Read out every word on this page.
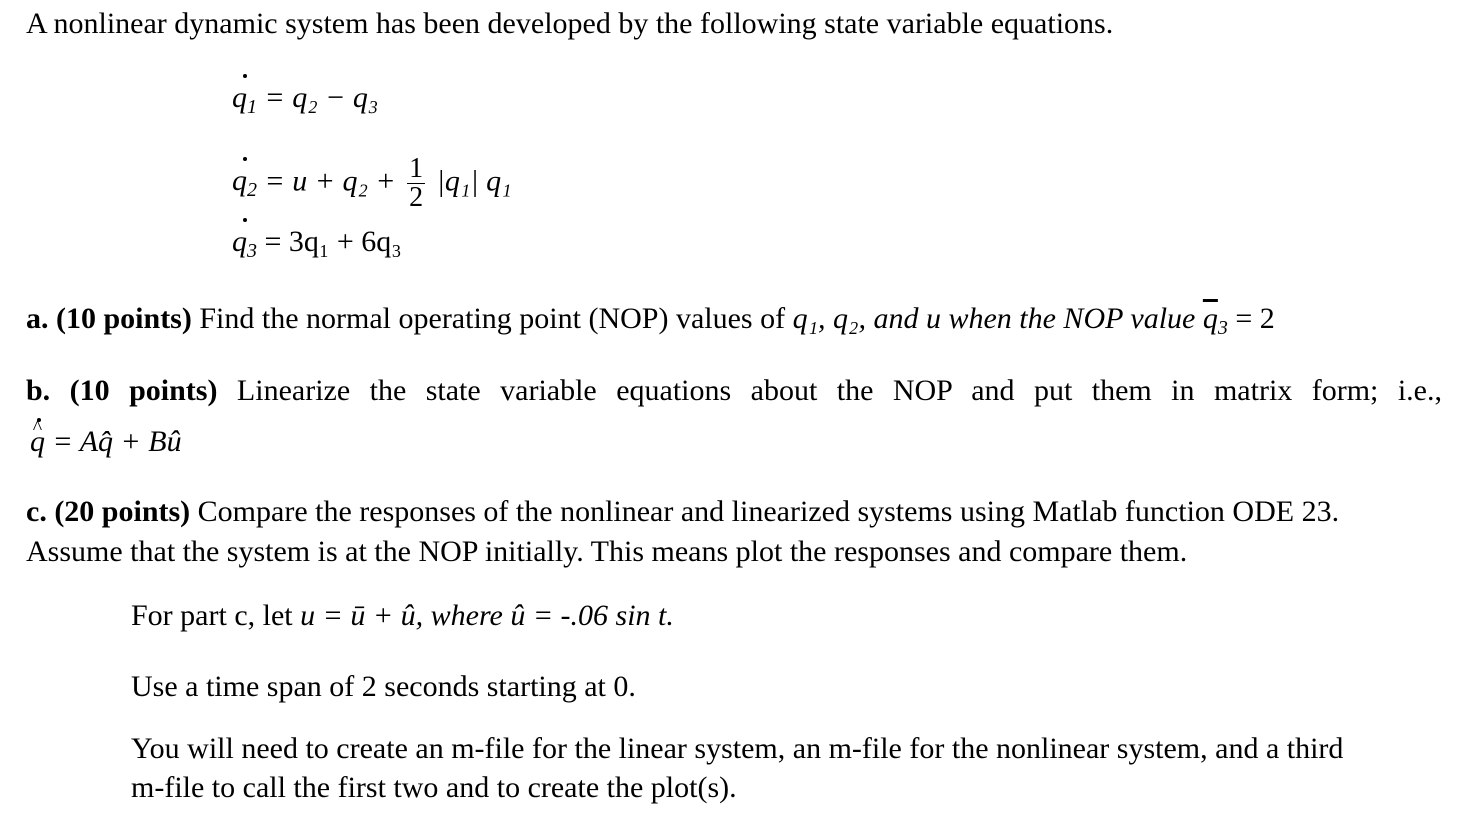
A nonlinear dynamic system has been developed by the following state variable equations.
$q_1 = q_2 - q_3$
$q_2 = u + q_2 + \frac{1}{2} |q_1|$ q₁
$q_3 = 3q_1 + 6q_3$
a. (10 points) Find the normal operating point (NOP) values of q₁, q₂, and u when the NOP value $\overline{q}_3 = 2$
b. (10 points) Linearize the state variable equations about the NOP and put them in matrix form; i.e.,
q ^ = Aq̂ + Bû
c. (20 points) Compare the responses of the nonlinear and linearized systems using Matlab function ODE 23.
Assume that the system is at the NOP initially. This means plot the responses and compare them.
For part c, let u = ū + û, where û = -.06 sin t.
Use a time span of 2 seconds starting at 0.
You will need to create an m-file for the linear system, an m-file for the nonlinear system, and a third
m-file to call the first two and to create the plot(s).
